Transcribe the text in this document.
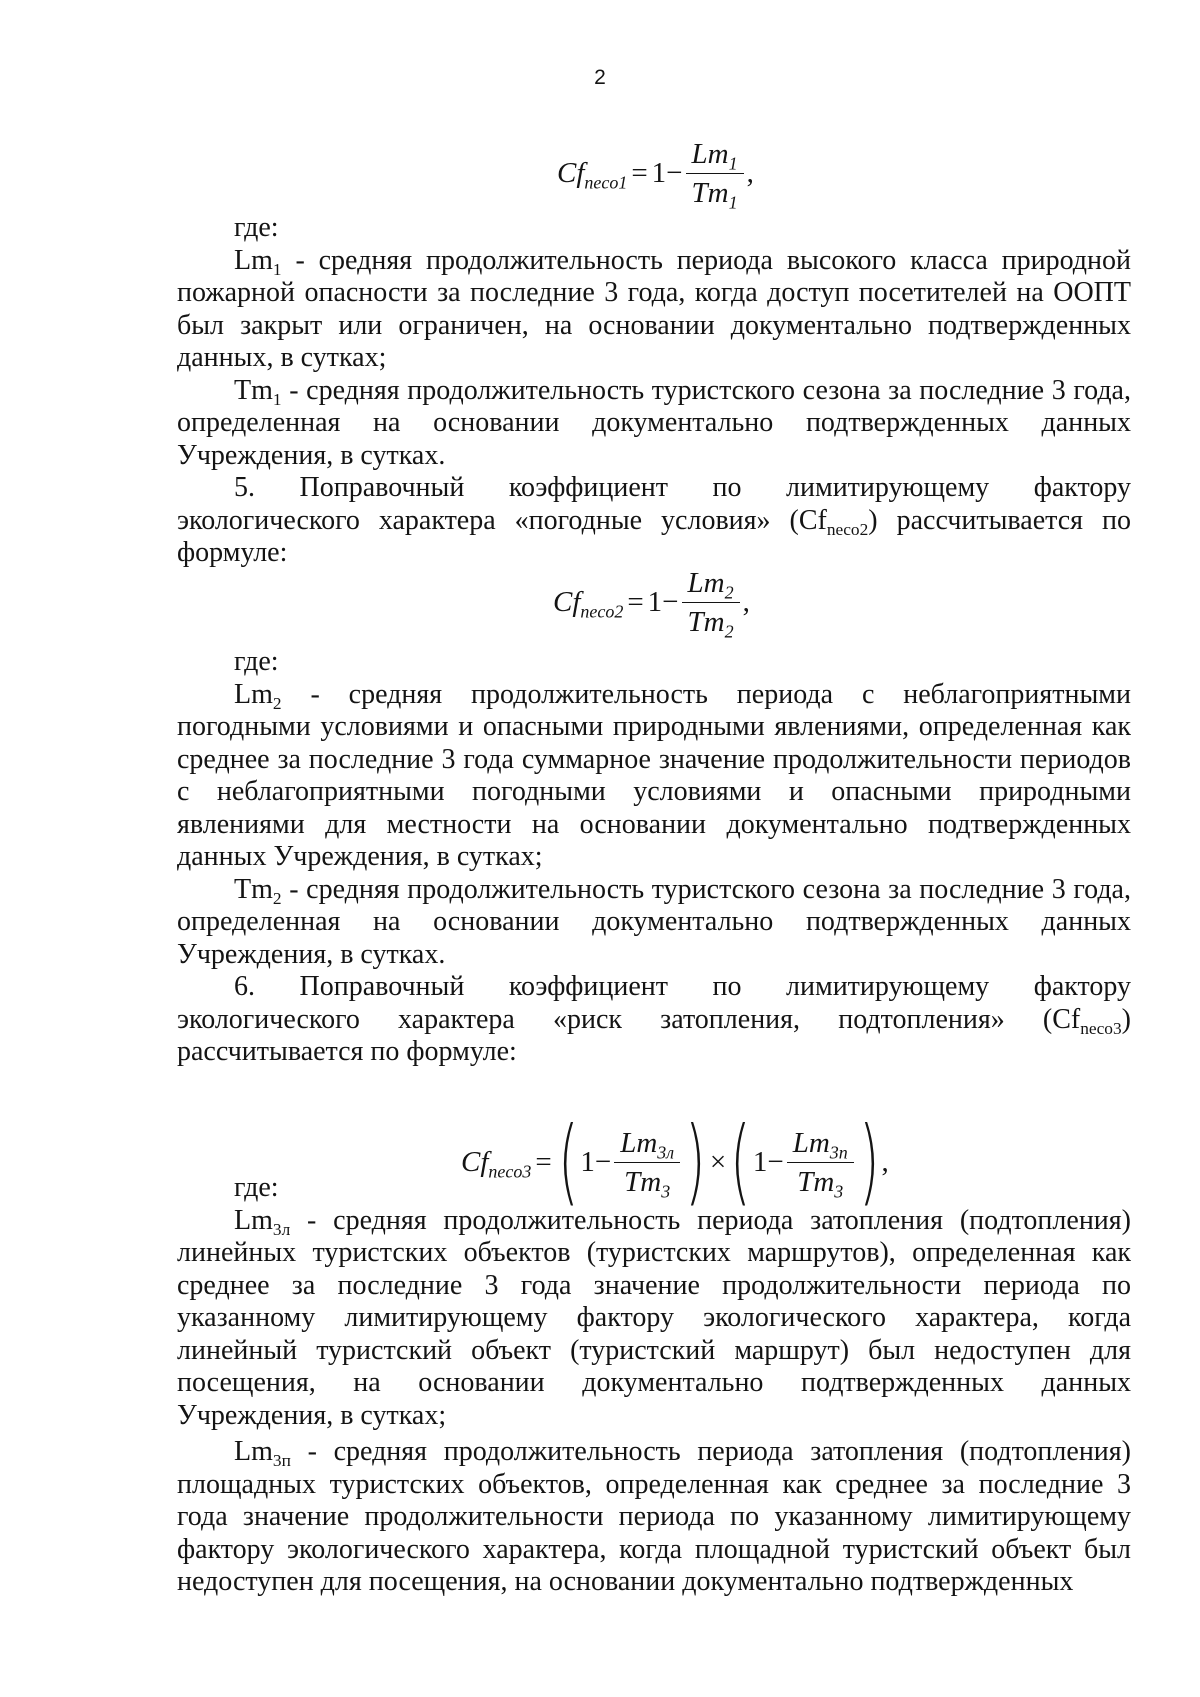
2
$Cf_{neco1} = 1 - \frac{Lm_1}{Tm_1}$ ,

где:

$Lm_1$ - средняя продолжительность периода высокого класса природной пожарной опасности за последние 3 года, когда доступ посетителей на ООПТ был закрыт или ограничен, на основании документально подтвержденных данных, в сутках;

$Tm_1$ - средняя продолжительность туристского сезона за последние 3 года, определенная на основании документально подтвержденных данных Учреждения, в сутках.

5. Поправочный коэффициент по лимитирующему фактору экологического характера «погодные условия» $(Cf_{neco2})$ рассчитывается по формуле:

$Cf_{neco2} = 1 - \frac{Lm_2}{Tm_2}$ ,

где:

$Lm_2$ - средняя продолжительность периода с неблагоприятными погодными условиями и опасными природными явлениями, определенная как среднее за последние 3 года суммарное значение продолжительности периодов с неблагоприятными погодными условиями и опасными природными явлениями для местности на основании документально подтвержденных данных Учреждения, в сутках;

$Tm_2$ - средняя продолжительность туристского сезона за последние 3 года, определенная на основании документально подтвержденных данных Учреждения, в сутках.

6. Поправочный коэффициент по лимитирующему фактору экологического характера «риск затопления, подтопления» $(Cf_{neco3})$ рассчитывается по формуле:

$Cf_{neco3}$ = ( $1 - \frac{Lm_{3л}}{Tm_3}$ ) × ( $1 - \frac{Lm_{3п}}{Tm_3}$ ) ,

где:

$Lm_{3л}$ - средняя продолжительность периода затопления (подтопления) линейных туристских объектов (туристских маршрутов), определенная как среднее за последние 3 года значение продолжительности периода по указанному лимитирующему фактору экологического характера, когда линейный туристский объект (туристский маршрут) был недоступен для посещения, на основании документально подтвержденных данных Учреждения, в сутках;

$Lm_{3п}$ - средняя продолжительность периода затопления (подтопления) площадных туристских объектов, определенная как среднее за последние 3 года значение продолжительности периода по указанному лимитирующему фактору экологического характера, когда площадной туристский объект был недоступен для посещения, на основании документально подтвержденных
